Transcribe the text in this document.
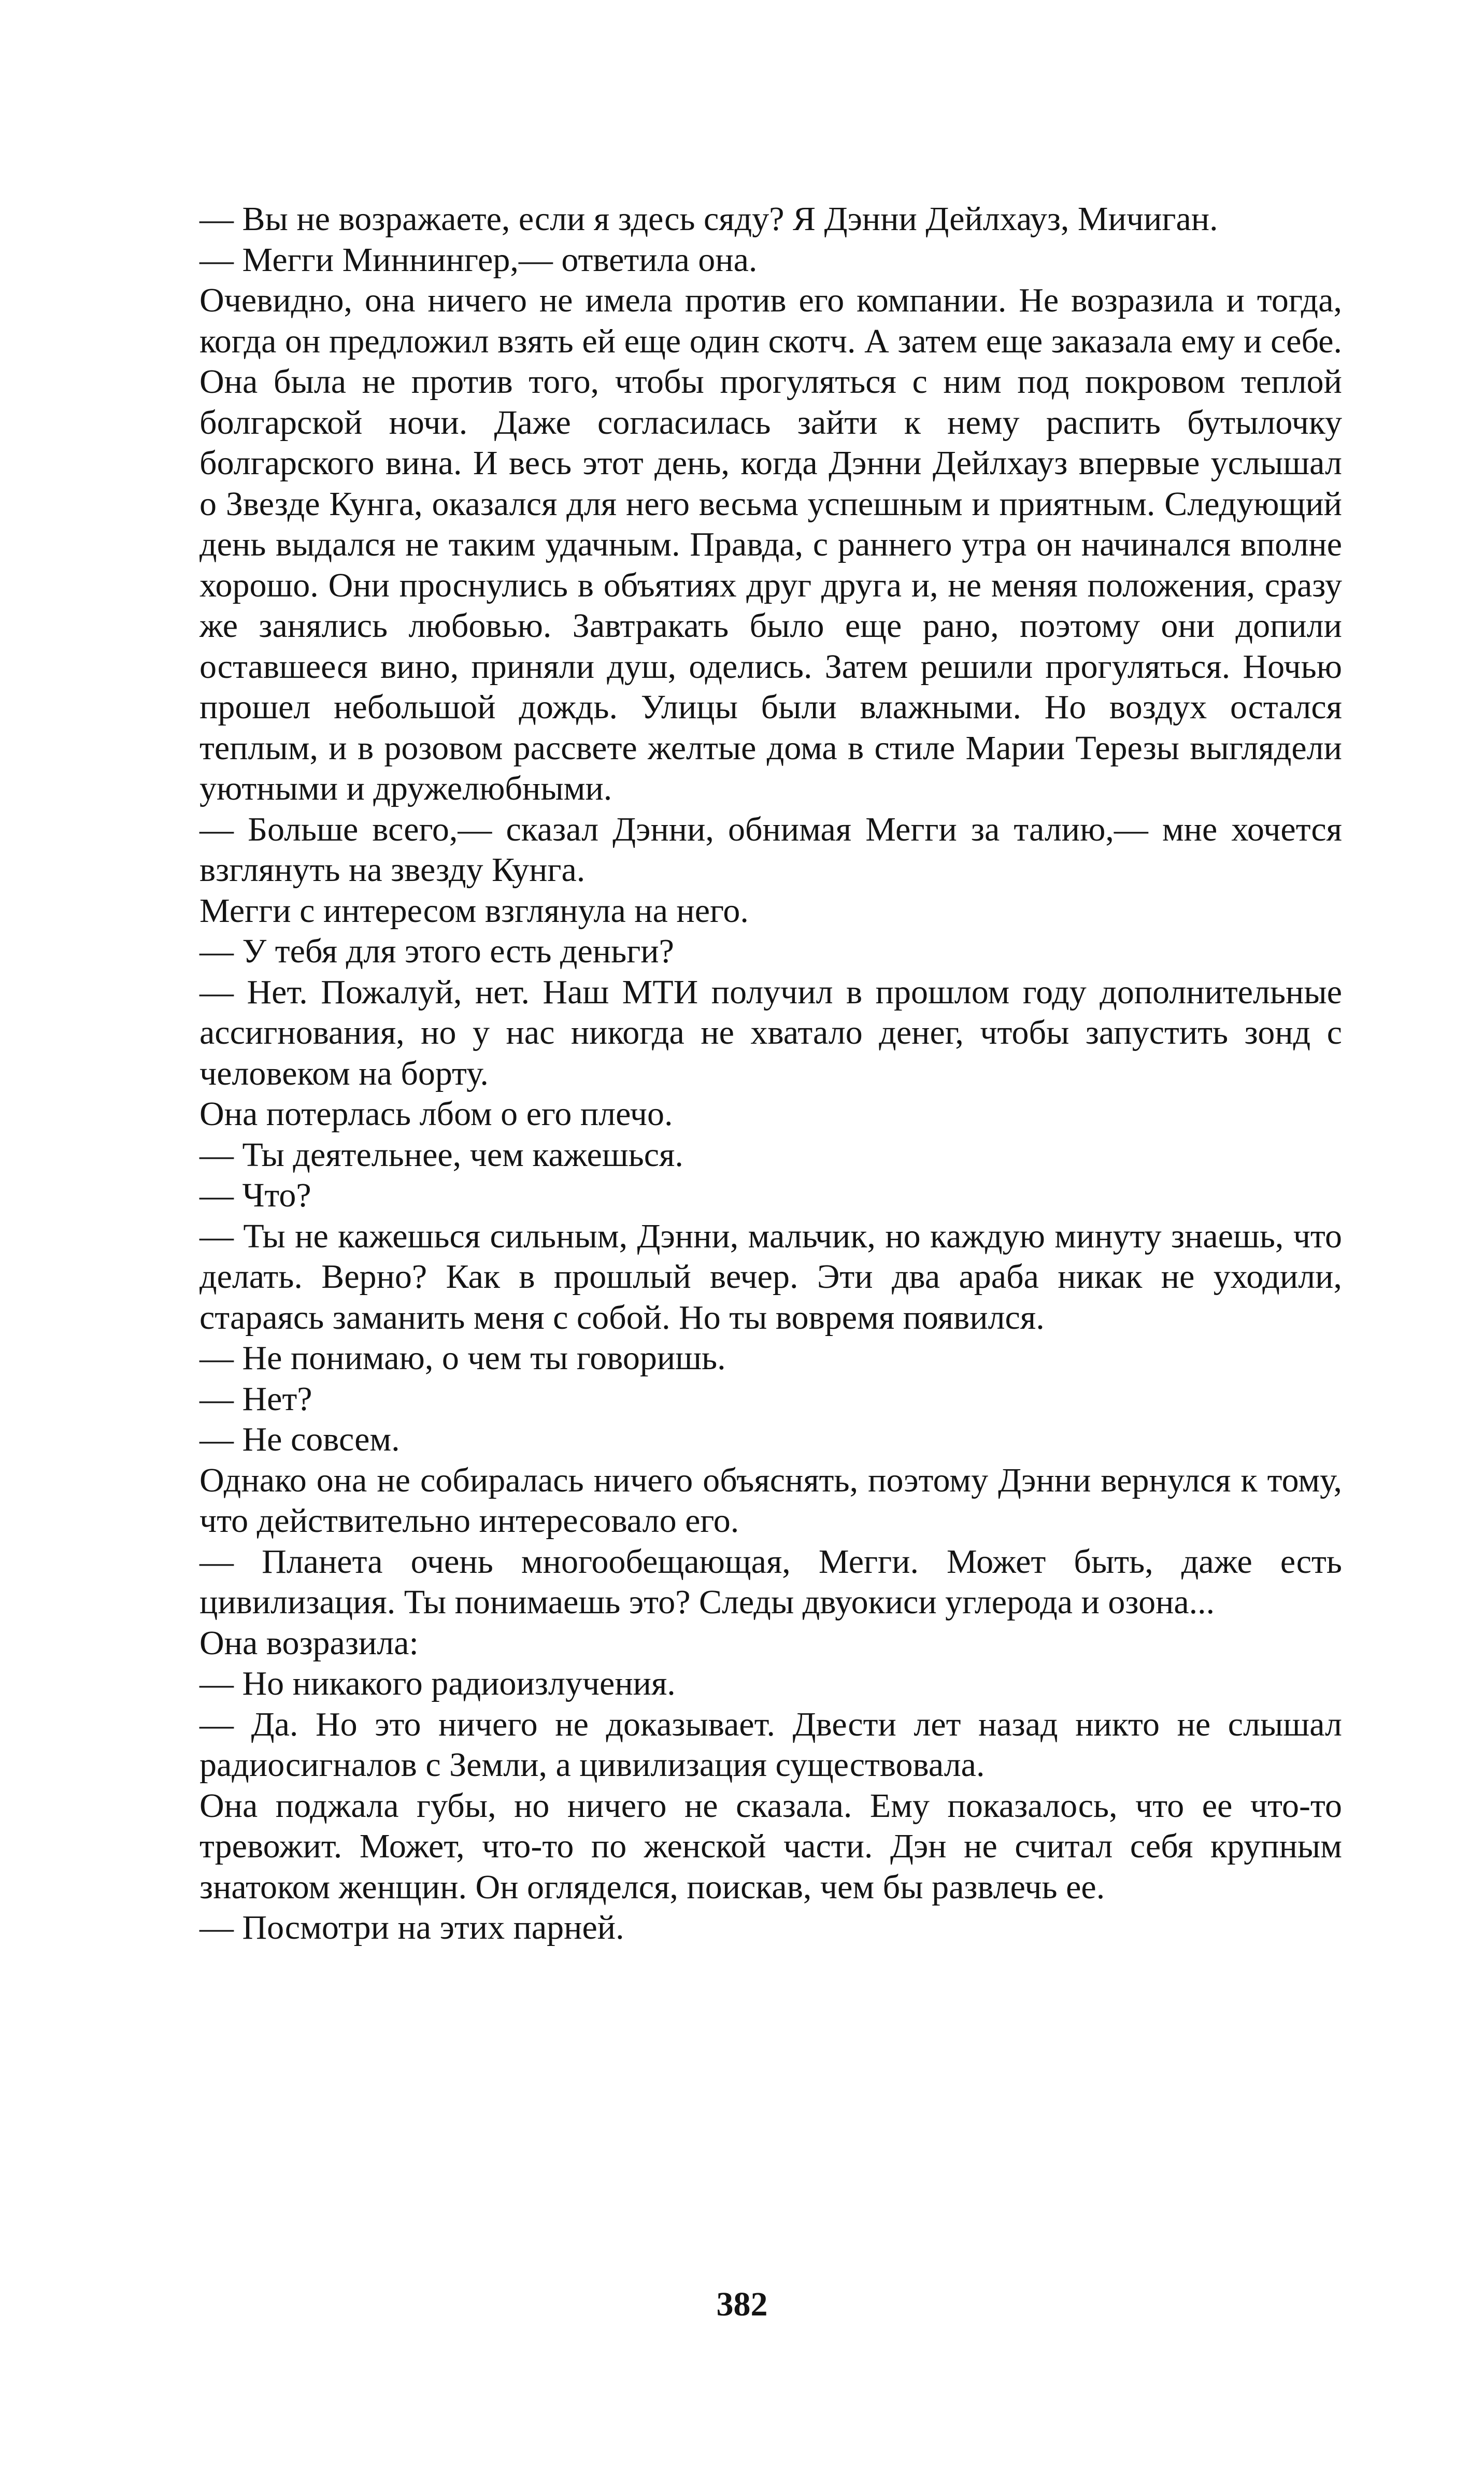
— Вы не возражаете, если я здесь сяду? Я Дэнни Дейлхауз, Мичиган.

— Мегги Миннингер,— ответила она.

Очевидно, она ничего не имела против его компании. Не возразила и тогда, когда он предложил взять ей еще один скотч. А затем еще заказала ему и себе. Она была не против того, чтобы прогуляться с ним под покровом теплой болгарской ночи. Даже согласилась зайти к нему распить бутылочку болгарского вина. И весь этот день, когда Дэнни Дейлхауз впервые услышал о Звезде Кунга, оказался для него весьма успешным и приятным. Следующий день выдался не таким удачным. Правда, с раннего утра он начинался вполне хорошо. Они проснулись в объятиях друг друга и, не меняя положения, сразу же занялись любовью. Завтракать было еще рано, поэтому они допили оставшееся вино, приняли душ, оделись. Затем решили прогуляться. Ночью прошел небольшой дождь. Улицы были влажными. Но воздух остался теплым, и в розовом рассвете желтые дома в стиле Марии Терезы выглядели уютными и дружелюбными.

— Больше всего,— сказал Дэнни, обнимая Мегги за талию,— мне хочется взглянуть на звезду Кунга.

Мегги с интересом взглянула на него.

— У тебя для этого есть деньги?

— Нет. Пожалуй, нет. Наш МТИ получил в прошлом году дополнительные ассигнования, но у нас никогда не хватало денег, чтобы запустить зонд с человеком на борту.

Она потерлась лбом о его плечо.

— Ты деятельнее, чем кажешься.

— Что?

— Ты не кажешься сильным, Дэнни, мальчик, но каждую минуту знаешь, что делать. Верно? Как в прошлый вечер. Эти два араба никак не уходили, стараясь заманить меня с собой. Но ты вовремя появился.

— Не понимаю, о чем ты говоришь.

— Нет?

— Не совсем.

Однако она не собиралась ничего объяснять, поэтому Дэнни вернулся к тому, что действительно интересовало его.

— Планета очень многообещающая, Мегги. Может быть, даже есть цивилизация. Ты понимаешь это? Следы двуокиси углерода и озона...

Она возразила:

— Но никакого радиоизлучения.

— Да. Но это ничего не доказывает. Двести лет назад никто не слышал радиосигналов с Земли, а цивилизация существовала.

Она поджала губы, но ничего не сказала. Ему показалось, что ее что-то тревожит. Может, что-то по женской части. Дэн не считал себя крупным знатоком женщин. Он огляделся, поискав, чем бы развлечь ее.

— Посмотри на этих парней.

382
